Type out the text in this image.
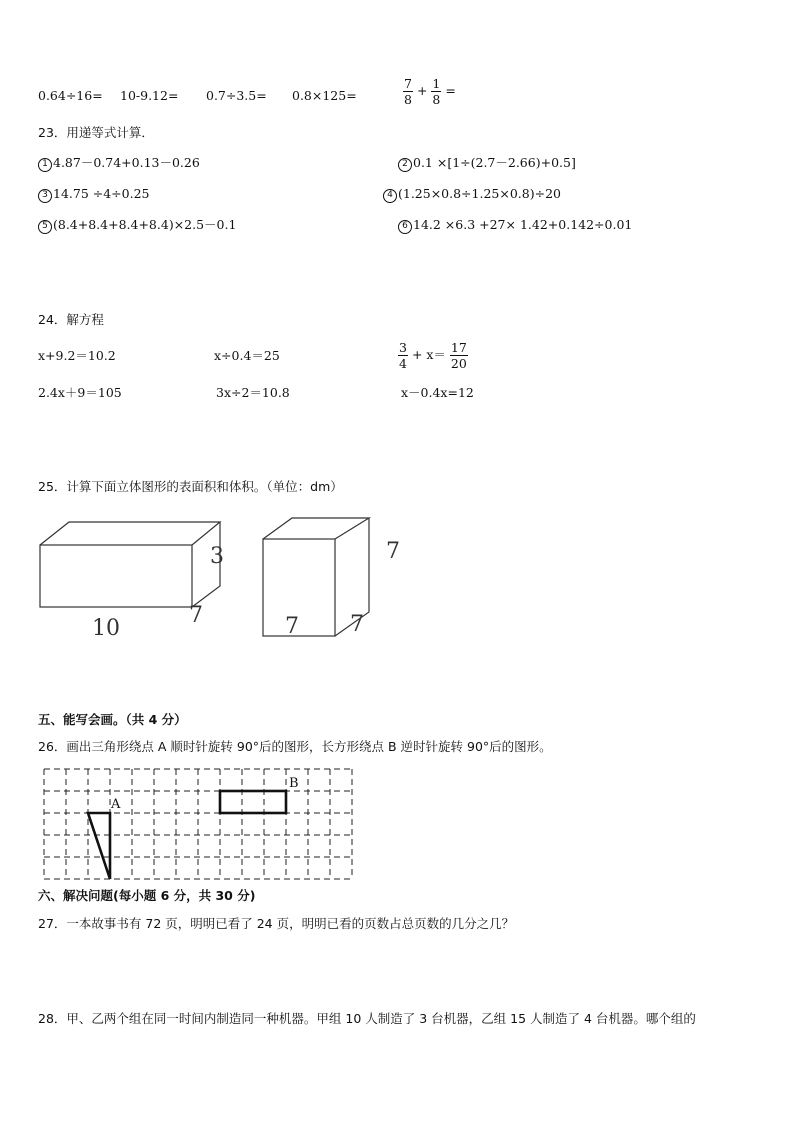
0.64÷16= 10-9.12= 0.7÷3.5= 0.8×125=	$\frac{7}{8} + \frac{1}{8}$ =
23．用递等式计算．
1 4.87－0.74+0.13－0.26	2 0.1 ×[1÷(2.7－2.66)+0.5]
3 14.75 ÷4÷0.25	4 (1.25×0.8÷1.25×0.8)÷20
5 (8.4+8.4+8.4+8.4)×2.5－0.1	6 14.2 ×6.3 +27× 1.42+0.142÷0.01
24．解方程
x+9.2＝10.2	x÷0.4＝25	$\frac{3}{4} + x= \frac{17}{20}$
2.4x＋9＝105	3x÷2＝10.8	x－0.4x=12
25．计算下面立体图形的表面积和体积。（单位：dm）
10
7
3
7 7
7
五、能写会画。（共 4 分）
26．画出三角形绕点 A 顺时针旋转 90°后的图形，长方形绕点 B 逆时针旋转 90°后的图形。
A
B
六、解决问题(每小题 6 分，共 30 分)
27．一本故事书有 72 页，明明已看了 24 页，明明已看的页数占总页数的几分之几？
28．甲、乙两个组在同一时间内制造同一种机器。甲组 10 人制造了 3 台机器，乙组 15 人制造了 4 台机器。哪个组的
